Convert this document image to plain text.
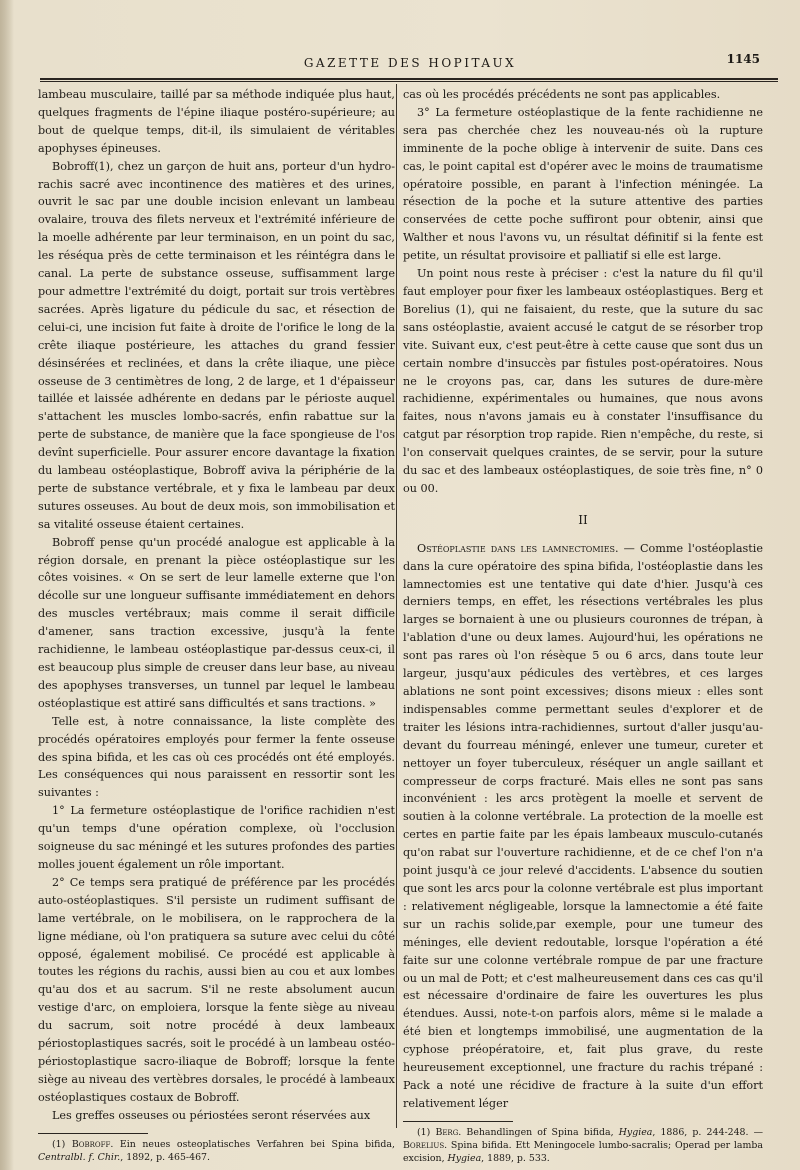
GAZETTE DES HOPITAUX	1145

lambeau musculaire, taillé par sa méthode indiquée plus haut, quelques fragments de l'épine iliaque postéro-supérieure; au bout de quelque temps, dit-il, ils simulaient de véritables apophyses épineuses.

Bobroff(1), chez un garçon de huit ans, porteur d'un hydro-rachis sacré avec incontinence des matières et des urines, ouvrit le sac par une double incision enlevant un lambeau ovalaire, trouva des filets nerveux et l'extrémité inférieure de la moelle adhérente par leur terminaison, en un point du sac, les réséqua près de cette terminaison et les réintégra dans le canal. La perte de substance osseuse, suffisamment large pour admettre l'extrémité du doigt, portait sur trois vertèbres sacrées. Après ligature du pédicule du sac, et résection de celui-ci, une incision fut faite à droite de l'orifice le long de la crête iliaque postérieure, les attaches du grand fessier désinsérées et reclinées, et dans la crête iliaque, une pièce osseuse de 3 centimètres de long, 2 de large, et 1 d'épaisseur taillée et laissée adhérente en dedans par le périoste auquel s'attachent les muscles lombo-sacrés, enfin rabattue sur la perte de substance, de manière que la face spongieuse de l'os devînt superficielle. Pour assurer encore davantage la fixation du lambeau ostéoplastique, Bobroff aviva la périphérie de la perte de substance vertébrale, et y fixa le lambeau par deux sutures osseuses. Au bout de deux mois, son immobilisation et sa vitalité osseuse étaient certaines.

Bobroff pense qu'un procédé analogue est applicable à la région dorsale, en prenant la pièce ostéoplastique sur les côtes voisines. « On se sert de leur lamelle externe que l'on décolle sur une longueur suffisante immédiatement en dehors des muscles vertébraux; mais comme il serait difficile d'amener, sans traction excessive, jusqu'à la fente rachidienne, le lambeau ostéoplastique par-dessus ceux-ci, il est beaucoup plus simple de creuser dans leur base, au niveau des apophyses transverses, un tunnel par lequel le lambeau ostéoplastique est attiré sans difficultés et sans tractions. »

Telle est, à notre connaissance, la liste complète des procédés opératoires employés pour fermer la fente osseuse des spina bifida, et les cas où ces procédés ont été employés. Les conséquences qui nous paraissent en ressortir sont les suivantes :

1° La fermeture ostéoplastique de l'orifice rachidien n'est qu'un temps d'une opération complexe, où l'occlusion soigneuse du sac méningé et les sutures profondes des parties molles jouent également un rôle important.

2° Ce temps sera pratiqué de préférence par les procédés auto-ostéoplastiques. S'il persiste un rudiment suffisant de lame vertébrale, on le mobilisera, on le rapprochera de la ligne médiane, où l'on pratiquera sa suture avec celui du côté opposé, également mobilisé. Ce procédé est applicable à toutes les régions du rachis, aussi bien au cou et aux lombes qu'au dos et au sacrum. S'il ne reste absolument aucun vestige d'arc, on emploiera, lorsque la fente siège au niveau du sacrum, soit notre procédé à deux lambeaux périostoplastiques sacrés, soit le procédé à un lambeau ostéo-périostoplastique sacro-iliaque de Bobroff; lorsque la fente siège au niveau des vertèbres dorsales, le procédé à lambeaux ostéoplastiques costaux de Bobroff.

Les greffes osseuses ou périostées seront réservées aux

(1) Bobroff. Ein neues osteoplatisches Verfahren bei Spina bifida, Centralbl. f. Chir., 1892, p. 465-467.

cas où les procédés précédents ne sont pas applicables.

3° La fermeture ostéoplastique de la fente rachidienne ne sera pas cherchée chez les nouveau-nés où la rupture imminente de la poche oblige à intervenir de suite. Dans ces cas, le point capital est d'opérer avec le moins de traumatisme opératoire possible, en parant à l'infection méningée. La résection de la poche et la suture attentive des parties conservées de cette poche suffiront pour obtenir, ainsi que Walther et nous l'avons vu, un résultat définitif si la fente est petite, un résultat provisoire et palliatif si elle est large.

Un point nous reste à préciser : c'est la nature du fil qu'il faut employer pour fixer les lambeaux ostéoplastiques. Berg et Borelius (1), qui ne faisaient, du reste, que la suture du sac sans ostéoplastie, avaient accusé le catgut de se résorber trop vite. Suivant eux, c'est peut-être à cette cause que sont dus un certain nombre d'insuccès par fistules post-opératoires. Nous ne le croyons pas, car, dans les sutures de dure-mère rachidienne, expérimentales ou humaines, que nous avons faites, nous n'avons jamais eu à constater l'insuffisance du catgut par résorption trop rapide. Rien n'empêche, du reste, si l'on conservait quelques craintes, de se servir, pour la suture du sac et des lambeaux ostéoplastiques, de soie très fine, n° 0 ou 00.

II

Ostéoplastie dans les lamnectomies. — Comme l'ostéoplastie dans la cure opératoire des spina bifida, l'ostéoplastie dans les lamnectomies est une tentative qui date d'hier. Jusqu'à ces derniers temps, en effet, les résections vertébrales les plus larges se bornaient à une ou plusieurs couronnes de trépan, à l'ablation d'une ou deux lames. Aujourd'hui, les opérations ne sont pas rares où l'on résèque 5 ou 6 arcs, dans toute leur largeur, jusqu'aux pédicules des vertèbres, et ces larges ablations ne sont point excessives; disons mieux : elles sont indispensables comme permettant seules d'explorer et de traiter les lésions intra-rachidiennes, surtout d'aller jusqu'au-devant du fourreau méningé, enlever une tumeur, cureter et nettoyer un foyer tuberculeux, réséquer un angle saillant et compresseur de corps fracturé. Mais elles ne sont pas sans inconvénient : les arcs protègent la moelle et servent de soutien à la colonne vertébrale. La protection de la moelle est certes en partie faite par les épais lambeaux musculo-cutanés qu'on rabat sur l'ouverture rachidienne, et de ce chef l'on n'a point jusqu'à ce jour relevé d'accidents. L'absence du soutien que sont les arcs pour la colonne vertébrale est plus important : relativement négligeable, lorsque la lamnectomie a été faite sur un rachis solide,par exemple, pour une tumeur des méninges, elle devient redoutable, lorsque l'opération a été faite sur une colonne vertébrale rompue de par une fracture ou un mal de Pott; et c'est malheureusement dans ces cas qu'il est nécessaire d'ordinaire de faire les ouvertures les plus étendues. Aussi, note-t-on parfois alors, même si le malade a été bien et longtemps immobilisé, une augmentation de la cyphose préopératoire, et, fait plus grave, du reste heureusement exceptionnel, une fracture du rachis trépané : Pack a noté une récidive de fracture à la suite d'un effort relativement léger

(1) Berg. Behandlingen of Spina bifida, Hygiea, 1886, p. 244-248. — Borelius. Spina bifida. Ett Meningocele lumbo-sacralis; Operad per lamba excision, Hygiea, 1889, p. 533.
